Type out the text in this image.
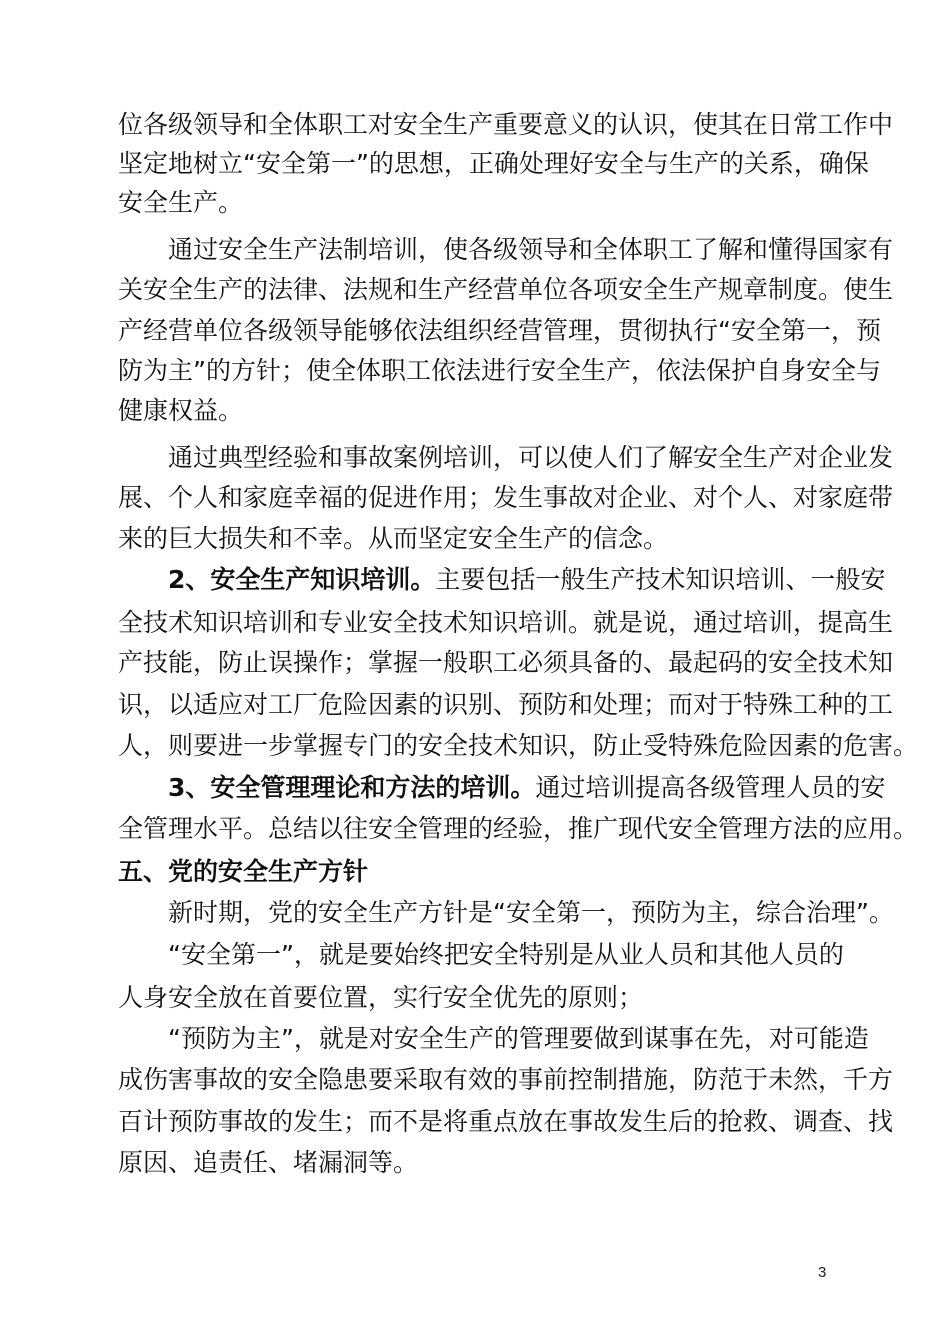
位各级领导和全体职工对安全生产重要意义的认识，使其在日常工作中
坚定地树立“安全第一”的思想，正确处理好安全与生产的关系，确保
安全生产。
通过安全生产法制培训，使各级领导和全体职工了解和懂得国家有
关安全生产的法律、法规和生产经营单位各项安全生产规章制度。使生
产经营单位各级领导能够依法组织经营管理，贯彻执行“安全第一，预
防为主”的方针；使全体职工依法进行安全生产，依法保护自身安全与
健康权益。
通过典型经验和事故案例培训，可以使人们了解安全生产对企业发
展、个人和家庭幸福的促进作用；发生事故对企业、对个人、对家庭带
来的巨大损失和不幸。从而坚定安全生产的信念。
2、安全生产知识培训。主要包括一般生产技术知识培训、一般安
全技术知识培训和专业安全技术知识培训。就是说，通过培训，提高生
产技能，防止误操作；掌握一般职工必须具备的、最起码的安全技术知
识，以适应对工厂危险因素的识别、预防和处理；而对于特殊工种的工
人，则要进一步掌握专门的安全技术知识，防止受特殊危险因素的危害。
3、安全管理理论和方法的培训。通过培训提高各级管理人员的安
全管理水平。总结以往安全管理的经验，推广现代安全管理方法的应用。
五、党的安全生产方针
新时期，党的安全生产方针是“安全第一，预防为主，综合治理”。
“安全第一”，就是要始终把安全特别是从业人员和其他人员的
人身安全放在首要位置，实行安全优先的原则；
“预防为主”，就是对安全生产的管理要做到谋事在先，对可能造
成伤害事故的安全隐患要采取有效的事前控制措施，防范于未然，千方
百计预防事故的发生；而不是将重点放在事故发生后的抢救、调查、找
原因、追责任、堵漏洞等。
3
